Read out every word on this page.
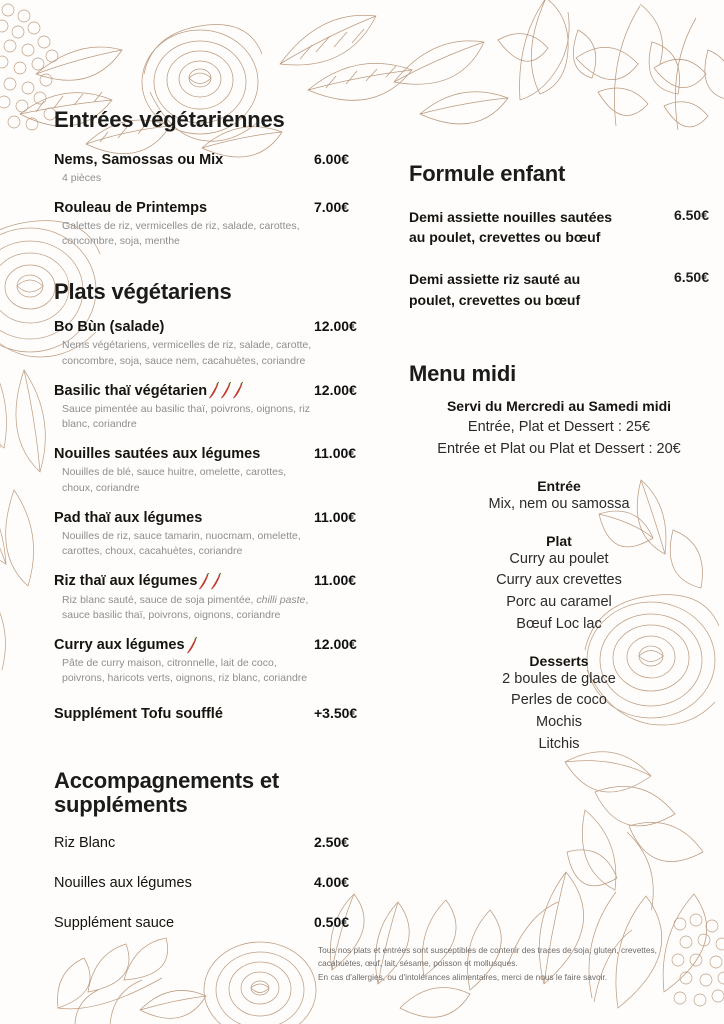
Entrées végétariennes
Nems, Samossas ou Mix	6.00€
4 pièces
Rouleau de Printemps	7.00€
Galettes de riz, vermicelles de riz, salade, carottes, concombre, soja, menthe
Plats végétariens
Bo Bùn (salade)	12.00€
Nems végétariens, vermicelles de riz, salade, carotte, concombre, soja, sauce nem, cacahuètes, coriandre
Basilic thaï végétarien	12.00€
Sauce pimentée au basilic thaï, poivrons, oignons, riz blanc, coriandre
Nouilles sautées aux légumes	11.00€
Nouilles de blé, sauce huitre, omelette, carottes, choux, coriandre
Pad thaï aux légumes	11.00€
Nouilles de riz, sauce tamarin, nuocmam, omelette, carottes, choux, cacahuètes, coriandre
Riz thaï aux légumes	11.00€
Riz blanc sauté, sauce de soja pimentée, chilli paste, sauce basilic thaï, poivrons, oignons, coriandre
Curry aux légumes	12.00€
Pâte de curry maison, citronnelle, lait de coco, poivrons, haricots verts, oignons, riz blanc, coriandre
Supplément Tofu soufflé	+3.50€
Accompagnements et suppléments
Riz Blanc	2.50€
Nouilles aux légumes	4.00€
Supplément sauce	0.50€
Formule enfant
Demi assiette nouilles sautées au poulet, crevettes ou bœuf
6.50€
Demi assiette riz sauté au poulet, crevettes ou bœuf
6.50€
Menu midi
Servi du Mercredi au Samedi midi
Entrée, Plat et Dessert : 25€
Entrée et Plat ou Plat et Dessert : 20€
Entrée
Mix, nem ou samossa
Plat
Curry au poulet
Curry aux crevettes
Porc au caramel
Bœuf Loc lac
Desserts
2 boules de glace
Perles de coco
Mochis
Litchis
Tous nos plats et entrées sont susceptibles de contenir des traces de soja, gluten, crevettes,
cacahuètes, œuf, lait, sésame, poisson et mollusques.
En cas d'allergies, ou d'intolérances alimentaires, merci de nous le faire savoir.
